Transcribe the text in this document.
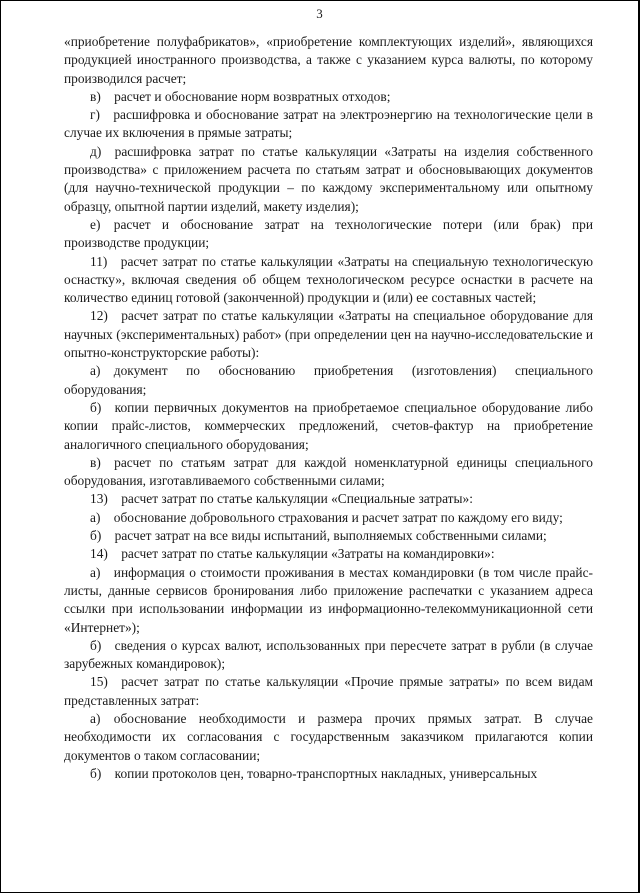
3

«приобретение полуфабрикатов», «приобретение комплектующих изделий», являющихся продукцией иностранного производства, а также с указанием курса валюты, по которому производился расчет;

в) расчет и обоснование норм возвратных отходов;

г) расшифровка и обоснование затрат на электроэнергию на технологические цели в случае их включения в прямые затраты;

д) расшифровка затрат по статье калькуляции «Затраты на изделия собственного производства» с приложением расчета по статьям затрат и обосновывающих документов (для научно-технической продукции – по каждому экспериментальному или опытному образцу, опытной партии изделий, макету изделия);

е) расчет и обоснование затрат на технологические потери (или брак) при производстве продукции;

11) расчет затрат по статье калькуляции «Затраты на специальную технологическую оснастку», включая сведения об общем технологическом ресурсе оснастки в расчете на количество единиц готовой (законченной) продукции и (или) ее составных частей;

12) расчет затрат по статье калькуляции «Затраты на специальное оборудование для научных (экспериментальных) работ» (при определении цен на научно-исследовательские и опытно-конструкторские работы):

а) документ по обоснованию приобретения (изготовления) специального оборудования;

б) копии первичных документов на приобретаемое специальное оборудование либо копии прайс-листов, коммерческих предложений, счетов-фактур на приобретение аналогичного специального оборудования;

в) расчет по статьям затрат для каждой номенклатурной единицы специального оборудования, изготавливаемого собственными силами;

13) расчет затрат по статье калькуляции «Специальные затраты»:

а) обоснование добровольного страхования и расчет затрат по каждому его виду;

б) расчет затрат на все виды испытаний, выполняемых собственными силами;

14) расчет затрат по статье калькуляции «Затраты на командировки»:

а) информация о стоимости проживания в местах командировки (в том числе прайс-листы, данные сервисов бронирования либо приложение распечатки с указанием адреса ссылки при использовании информации из информационно-телекоммуникационной сети «Интернет»);

б) сведения о курсах валют, использованных при пересчете затрат в рубли (в случае зарубежных командировок);

15) расчет затрат по статье калькуляции «Прочие прямые затраты» по всем видам представленных затрат:

а) обоснование необходимости и размера прочих прямых затрат. В случае необходимости их согласования с государственным заказчиком прилагаются копии документов о таком согласовании;

б) копии протоколов цен, товарно-транспортных накладных, универсальных
